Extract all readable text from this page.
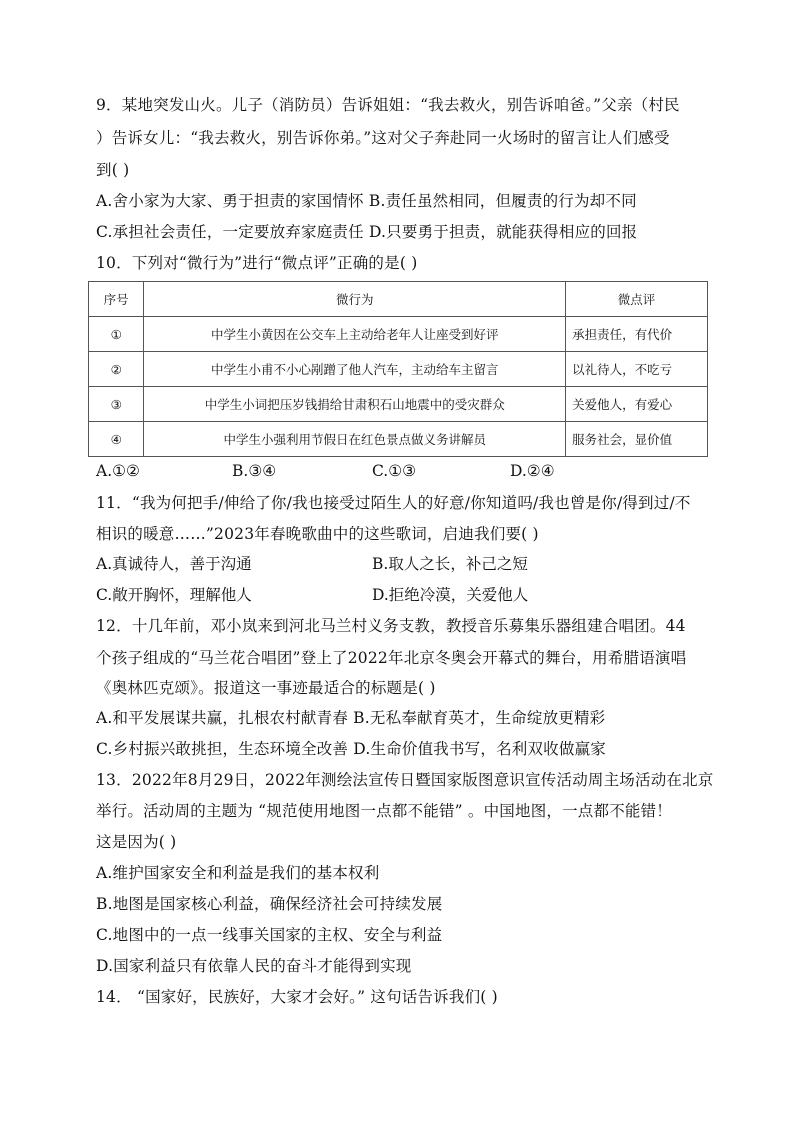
9．某地突发山火。儿子（消防员）告诉姐姐：“我去救火，别告诉咱爸。”父亲（村民
）告诉女儿：“我去救火，别告诉你弟。”这对父子奔赴同一火场时的留言让人们感受
到( )
A.舍小家为大家、勇于担责的家国情怀 B.责任虽然相同，但履责的行为却不同
C.承担社会责任，一定要放弃家庭责任 D.只要勇于担责，就能获得相应的回报
10．下列对“微行为”进行“微点评”正确的是( )
序号	微行为	微点评
①	中学生小黄因在公交车上主动给老年人让座受到好评	承担责任，有代价
②	中学生小甫不小心剐蹭了他人汽车，主动给车主留言	以礼待人，不吃亏
③	中学生小词把压岁钱捐给甘肃积石山地震中的受灾群众	关爱他人，有爱心
④	中学生小强利用节假日在红色景点做义务讲解员	服务社会，显价值
A.①②	B.③④	C.①③	D.②④
11．“我为何把手/伸给了你/我也接受过陌生人的好意/你知道吗/我也曾是你/得到过/不
相识的暖意……”2023年春晚歌曲中的这些歌词，启迪我们要( )
A.真诚待人，善于沟通	B.取人之长，补己之短
C.敞开胸怀，理解他人	D.拒绝冷漠，关爱他人
12．十几年前，邓小岚来到河北马兰村义务支教，教授音乐募集乐器组建合唱团。44
个孩子组成的“马兰花合唱团”登上了2022年北京冬奥会开幕式的舞台，用希腊语演唱
《奥林匹克颂》。报道这一事迹最适合的标题是( )
A.和平发展谋共赢，扎根农村献青春 B.无私奉献育英才，生命绽放更精彩
C.乡村振兴敢挑担，生态环境全改善 D.生命价值我书写，名利双收做赢家
13．2022年8月29日，2022年测绘法宣传日暨国家版图意识宣传活动周主场活动在北京
举行。活动周的主题为 “规范使用地图一点都不能错” 。中国地图，一点都不能错！
这是因为( )
A.维护国家安全和利益是我们的基本权利
B.地图是国家核心利益，确保经济社会可持续发展
C.地图中的一点一线事关国家的主权、安全与利益
D.国家利益只有依靠人民的奋斗才能得到实现
14． “国家好，民族好，大家才会好。” 这句话告诉我们( )
